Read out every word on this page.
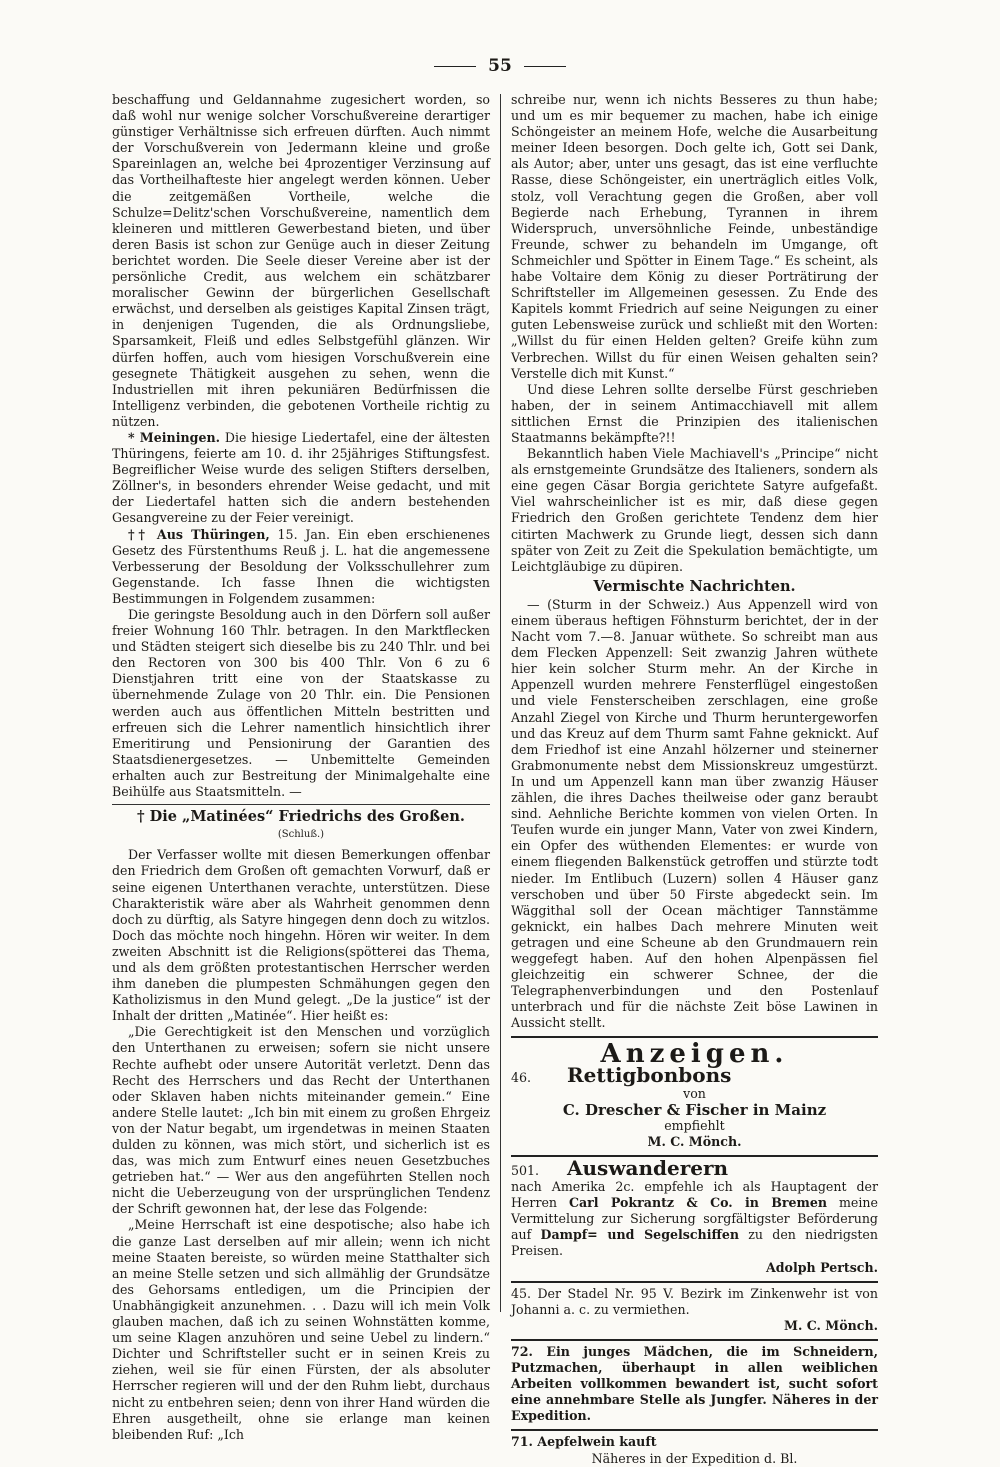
55

beschaffung und Geldannahme zugesichert worden, so daß wohl nur wenige solcher Vorschußvereine derartiger günstiger Verhältnisse sich erfreuen dürften. Auch nimmt der Vorschußverein von Jedermann kleine und große Spareinlagen an, welche bei 4prozentiger Verzinsung auf das Vortheilhafteste hier angelegt werden können. Ueber die zeitgemäßen Vortheile, welche die Schulze=Delitz'schen Vorschußvereine, namentlich dem kleineren und mittleren Gewerbestand bieten, und über deren Basis ist schon zur Genüge auch in dieser Zeitung berichtet worden. Die Seele dieser Vereine aber ist der persönliche Credit, aus welchem ein schätzbarer moralischer Gewinn der bürgerlichen Gesellschaft erwächst, und derselben als geistiges Kapital Zinsen trägt, in denjenigen Tugenden, die als Ordnungsliebe, Sparsamkeit, Fleiß und edles Selbstgefühl glänzen. Wir dürfen hoffen, auch vom hiesigen Vorschußverein eine gesegnete Thätigkeit ausgehen zu sehen, wenn die Industriellen mit ihren pekuniären Bedürfnissen die Intelligenz verbinden, die gebotenen Vortheile richtig zu nützen.

* Meiningen. Die hiesige Liedertafel, eine der ältesten Thüringens, feierte am 10. d. ihr 25jähriges Stiftungsfest. Begreiflicher Weise wurde des seligen Stifters derselben, Zöllner's, in besonders ehrender Weise gedacht, und mit der Liedertafel hatten sich die andern bestehenden Gesangvereine zu der Feier vereinigt.

†† Aus Thüringen, 15. Jan. Ein eben erschienenes Gesetz des Fürstenthums Reuß j. L. hat die angemessene Verbesserung der Besoldung der Volksschullehrer zum Gegenstande. Ich fasse Ihnen die wichtigsten Bestimmungen in Folgendem zusammen:

Die geringste Besoldung auch in den Dörfern soll außer freier Wohnung 160 Thlr. betragen. In den Marktflecken und Städten steigert sich dieselbe bis zu 240 Thlr. und bei den Rectoren von 300 bis 400 Thlr. Von 6 zu 6 Dienstjahren tritt eine von der Staatskasse zu übernehmende Zulage von 20 Thlr. ein. Die Pensionen werden auch aus öffentlichen Mitteln bestritten und erfreuen sich die Lehrer namentlich hinsichtlich ihrer Emeritirung und Pensionirung der Garantien des Staatsdienergesetzes. — Unbemittelte Gemeinden erhalten auch zur Bestreitung der Minimalgehalte eine Beihülfe aus Staatsmitteln. —

† Die „Matinées“ Friedrichs des Großen.
(Schluß.)

Der Verfasser wollte mit diesen Bemerkungen offenbar den Friedrich dem Großen oft gemachten Vorwurf, daß er seine eigenen Unterthanen verachte, unterstützen. Diese Charakteristik wäre aber als Wahrheit genommen denn doch zu dürftig, als Satyre hingegen denn doch zu witzlos. Doch das möchte noch hingehn. Hören wir weiter. In dem zweiten Abschnitt ist die Religions(spötterei das Thema, und als dem größten protestantischen Herrscher werden ihm daneben die plumpesten Schmähungen gegen den Katholizismus in den Mund gelegt. „De la justice“ ist der Inhalt der dritten „Matinée“. Hier heißt es:

„Die Gerechtigkeit ist den Menschen und vorzüglich den Unterthanen zu erweisen; sofern sie nicht unsere Rechte aufhebt oder unsere Autorität verletzt. Denn das Recht des Herrschers und das Recht der Unterthanen oder Sklaven haben nichts miteinander gemein.“ Eine andere Stelle lautet: „Ich bin mit einem zu großen Ehrgeiz von der Natur begabt, um irgendetwas in meinen Staaten dulden zu können, was mich stört, und sicherlich ist es das, was mich zum Entwurf eines neuen Gesetzbuches getrieben hat.“ — Wer aus den angeführten Stellen noch nicht die Ueberzeugung von der ursprünglichen Tendenz der Schrift gewonnen hat, der lese das Folgende:

„Meine Herrschaft ist eine despotische; also habe ich die ganze Last derselben auf mir allein; wenn ich nicht meine Staaten bereiste, so würden meine Statthalter sich an meine Stelle setzen und sich allmählig der Grundsätze des Gehorsams entledigen, um die Principien der Unabhängigkeit anzunehmen. . . Dazu will ich mein Volk glauben machen, daß ich zu seinen Wohnstätten komme, um seine Klagen anzuhören und seine Uebel zu lindern.“ Dichter und Schriftsteller sucht er in seinen Kreis zu ziehen, weil sie für einen Fürsten, der als absoluter Herrscher regieren will und der den Ruhm liebt, durchaus nicht zu entbehren seien; denn von ihrer Hand würden die Ehren ausgetheilt, ohne sie erlange man keinen bleibenden Ruf: „Ich

schreibe nur, wenn ich nichts Besseres zu thun habe; und um es mir bequemer zu machen, habe ich einige Schöngeister an meinem Hofe, welche die Ausarbeitung meiner Ideen besorgen. Doch gelte ich, Gott sei Dank, als Autor; aber, unter uns gesagt, das ist eine verfluchte Rasse, diese Schöngeister, ein unerträglich eitles Volk, stolz, voll Verachtung gegen die Großen, aber voll Begierde nach Erhebung, Tyrannen in ihrem Widerspruch, unversöhnliche Feinde, unbeständige Freunde, schwer zu behandeln im Umgange, oft Schmeichler und Spötter in Einem Tage.“ Es scheint, als habe Voltaire dem König zu dieser Porträtirung der Schriftsteller im Allgemeinen gesessen. Zu Ende des Kapitels kommt Friedrich auf seine Neigungen zu einer guten Lebensweise zurück und schließt mit den Worten: „Willst du für einen Helden gelten? Greife kühn zum Verbrechen. Willst du für einen Weisen gehalten sein? Verstelle dich mit Kunst.“

Und diese Lehren sollte derselbe Fürst geschrieben haben, der in seinem Antimacchiavell mit allem sittlichen Ernst die Prinzipien des italienischen Staatmanns bekämpfte?!!

Bekanntlich haben Viele Machiavell's „Principe“ nicht als ernstgemeinte Grundsätze des Italieners, sondern als eine gegen Cäsar Borgia gerichtete Satyre aufgefaßt. Viel wahrscheinlicher ist es mir, daß diese gegen Friedrich den Großen gerichtete Tendenz dem hier citirten Machwerk zu Grunde liegt, dessen sich dann später von Zeit zu Zeit die Spekulation bemächtigte, um Leichtgläubige zu düpiren.

Vermischte Nachrichten.

— (Sturm in der Schweiz.) Aus Appenzell wird von einem überaus heftigen Föhnsturm berichtet, der in der Nacht vom 7.—8. Januar wüthete. So schreibt man aus dem Flecken Appenzell: Seit zwanzig Jahren wüthete hier kein solcher Sturm mehr. An der Kirche in Appenzell wurden mehrere Fensterflügel eingestoßen und viele Fensterscheiben zerschlagen, eine große Anzahl Ziegel von Kirche und Thurm heruntergeworfen und das Kreuz auf dem Thurm samt Fahne geknickt. Auf dem Friedhof ist eine Anzahl hölzerner und steinerner Grabmonumente nebst dem Missionskreuz umgestürzt. In und um Appenzell kann man über zwanzig Häuser zählen, die ihres Daches theilweise oder ganz beraubt sind. Aehnliche Berichte kommen von vielen Orten. In Teufen wurde ein junger Mann, Vater von zwei Kindern, ein Opfer des wüthenden Elementes: er wurde von einem fliegenden Balkenstück getroffen und stürzte todt nieder. Im Entlibuch (Luzern) sollen 4 Häuser ganz verschoben und über 50 Firste abgedeckt sein. Im Wäggithal soll der Ocean mächtiger Tannstämme geknickt, ein halbes Dach mehrere Minuten weit getragen und eine Scheune ab den Grundmauern rein weggefegt haben. Auf den hohen Alpenpässen fiel gleichzeitig ein schwerer Schnee, der die Telegraphenverbindungen und den Postenlauf unterbrach und für die nächste Zeit böse Lawinen in Aussicht stellt.

Anzeigen.
46.	Rettigbonbons
von
C. Drescher & Fischer in Mainz
empfiehlt
M. C. Mönch.
501.	Auswanderern

nach Amerika 2c. empfehle ich als Hauptagent der Herren Carl Pokrantz & Co. in Bremen meine Vermittelung zur Sicherung sorgfältigster Beförderung auf Dampf= und Segelschiffen zu den niedrigsten Preisen.

Adolph Pertsch.

45. Der Stadel Nr. 95 V. Bezirk im Zinkenwehr ist von Johanni a. c. zu vermiethen.

M. C. Mönch.

72. Ein junges Mädchen, die im Schneidern, Putzmachen, überhaupt in allen weiblichen Arbeiten vollkommen bewandert ist, sucht sofort eine annehmbare Stelle als Jungfer. Näheres in der Expedition.

71. Aepfelwein kauft

Näheres in der Expedition d. Bl.
